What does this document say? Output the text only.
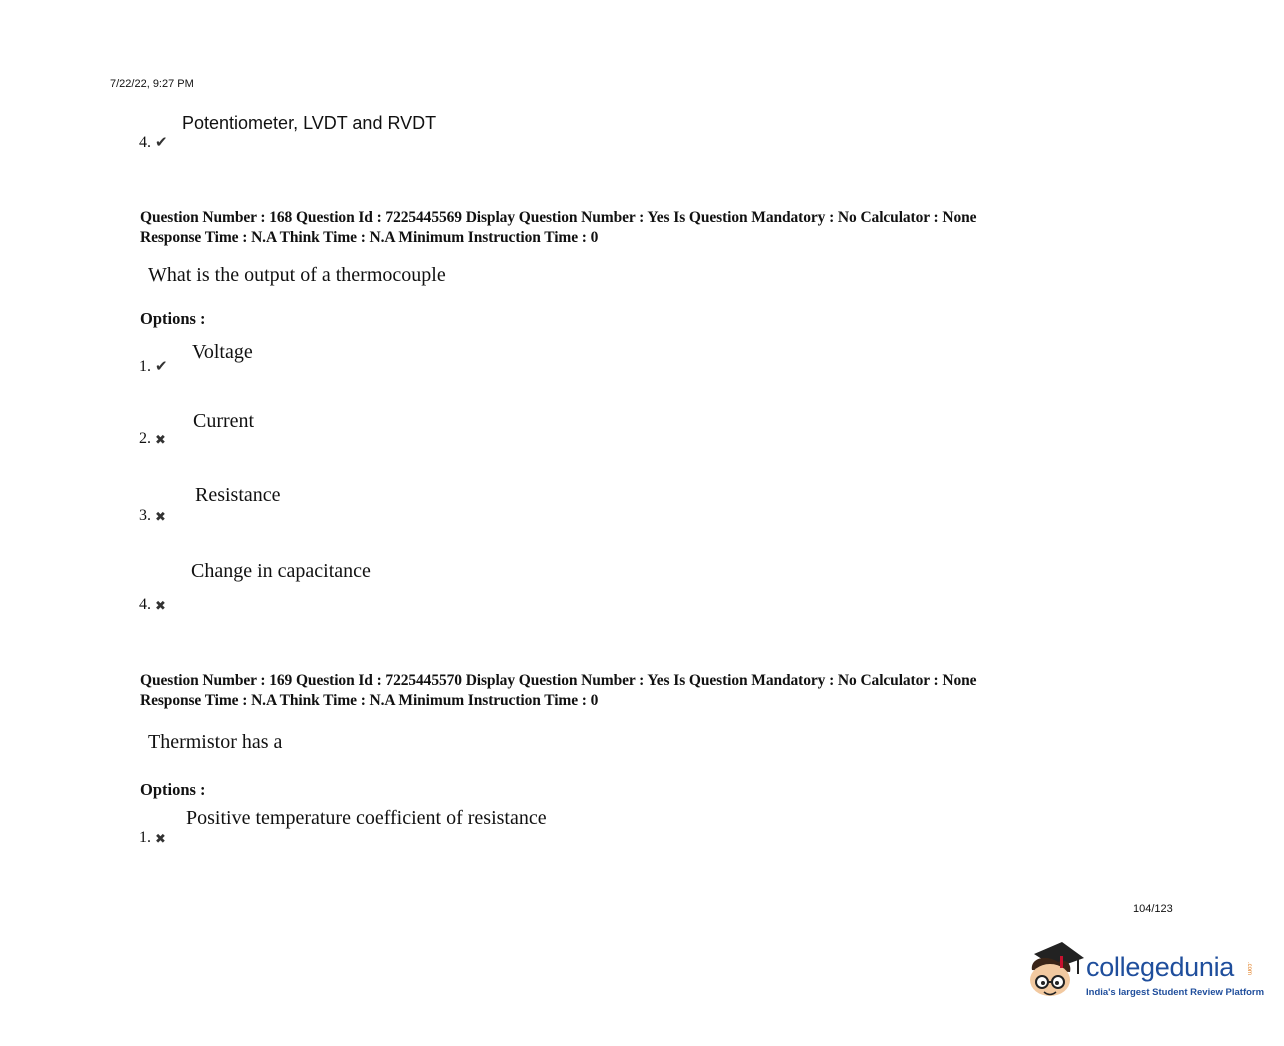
7/22/22, 9:27 PM
Potentiometer, LVDT and RVDT
4. ✔
Question Number : 168 Question Id : 7225445569 Display Question Number : Yes Is Question Mandatory : No Calculator : None
Response Time : N.A Think Time : N.A Minimum Instruction Time : 0
What is the output of a thermocouple
Options :
Voltage
1. ✔
Current
2. ✖
Resistance
3. ✖
Change in capacitance
4. ✖
Question Number : 169 Question Id : 7225445570 Display Question Number : Yes Is Question Mandatory : No Calculator : None
Response Time : N.A Think Time : N.A Minimum Instruction Time : 0
Thermistor has a
Options :
Positive temperature coefficient of resistance
1. ✖
104/123
collegedunia .com
India's largest Student Review Platform
